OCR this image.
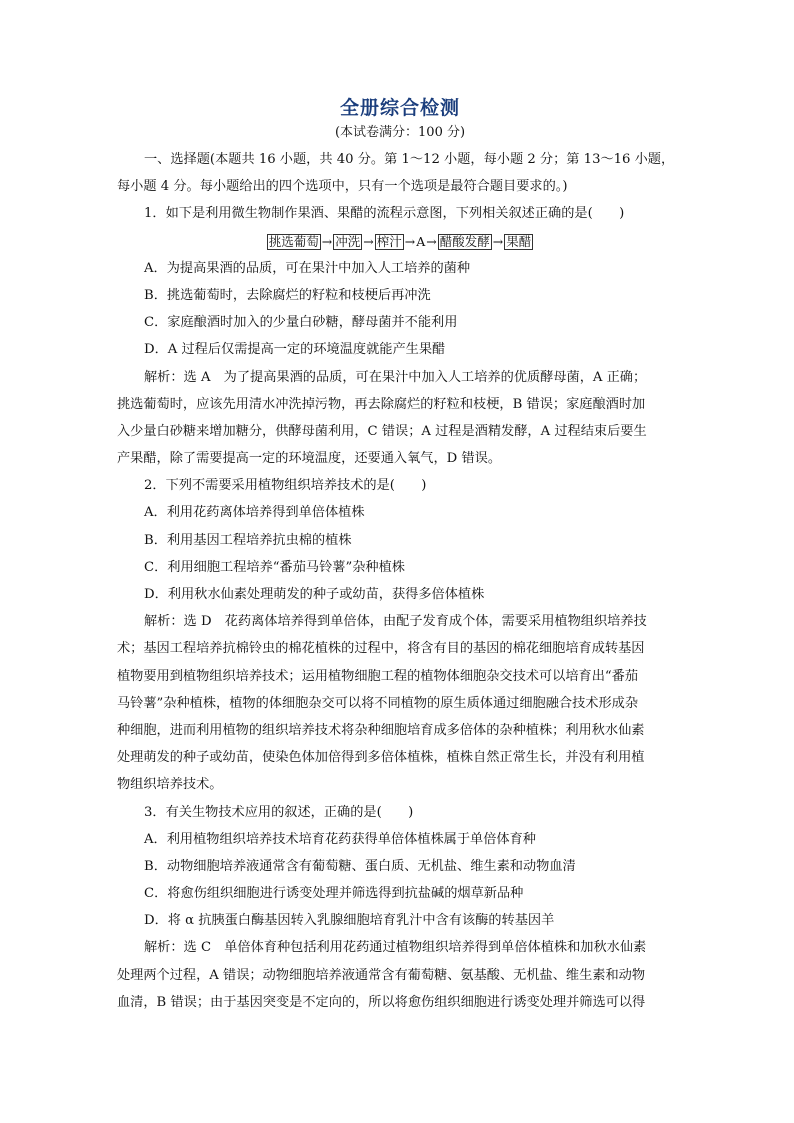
全册综合检测
(本试卷满分：100 分)
一、选择题(本题共 16 小题，共 40 分。第 1～12 小题，每小题 2 分；第 13～16 小题，
每小题 4 分。每小题给出的四个选项中，只有一个选项是最符合题目要求的。)
1．如下是利用微生物制作果酒、果醋的流程示意图，下列相关叙述正确的是(　　)
挑选葡萄 → 冲洗 → 榨汁 →A→ 醋酸发酵 → 果醋
A．为提高果酒的品质，可在果汁中加入人工培养的菌种
B．挑选葡萄时，去除腐烂的籽粒和枝梗后再冲洗
C．家庭酿酒时加入的少量白砂糖，酵母菌并不能利用
D．A 过程后仅需提高一定的环境温度就能产生果醋
解析：选 A　为了提高果酒的品质，可在果汁中加入人工培养的优质酵母菌，A 正确；
挑选葡萄时，应该先用清水冲洗掉污物，再去除腐烂的籽粒和枝梗，B 错误；家庭酿酒时加
入少量白砂糖来增加糖分，供酵母菌利用，C 错误；A 过程是酒精发酵，A 过程结束后要生
产果醋，除了需要提高一定的环境温度，还要通入氧气，D 错误。
2．下列不需要采用植物组织培养技术的是(　　)
A．利用花药离体培养得到单倍体植株
B．利用基因工程培养抗虫棉的植株
C．利用细胞工程培养“番茄马铃薯”杂种植株
D．利用秋水仙素处理萌发的种子或幼苗，获得多倍体植株
解析：选 D　花药离体培养得到单倍体，由配子发育成个体，需要采用植物组织培养技
术；基因工程培养抗棉铃虫的棉花植株的过程中，将含有目的基因的棉花细胞培育成转基因
植物要用到植物组织培养技术；运用植物细胞工程的植物体细胞杂交技术可以培育出“番茄
马铃薯”杂种植株，植物的体细胞杂交可以将不同植物的原生质体通过细胞融合技术形成杂
种细胞，进而利用植物的组织培养技术将杂种细胞培育成多倍体的杂种植株；利用秋水仙素
处理萌发的种子或幼苗，使染色体加倍得到多倍体植株，植株自然正常生长，并没有利用植
物组织培养技术。
3．有关生物技术应用的叙述，正确的是(　　)
A．利用植物组织培养技术培育花药获得单倍体植株属于单倍体育种
B．动物细胞培养液通常含有葡萄糖、蛋白质、无机盐、维生素和动物血清
C．将愈伤组织细胞进行诱变处理并筛选得到抗盐碱的烟草新品种
D．将 α 抗胰蛋白酶基因转入乳腺细胞培育乳汁中含有该酶的转基因羊
解析：选 C　单倍体育种包括利用花药通过植物组织培养得到单倍体植株和加秋水仙素
处理两个过程，A 错误；动物细胞培养液通常含有葡萄糖、氨基酸、无机盐、维生素和动物
血清，B 错误；由于基因突变是不定向的，所以将愈伤组织细胞进行诱变处理并筛选可以得
